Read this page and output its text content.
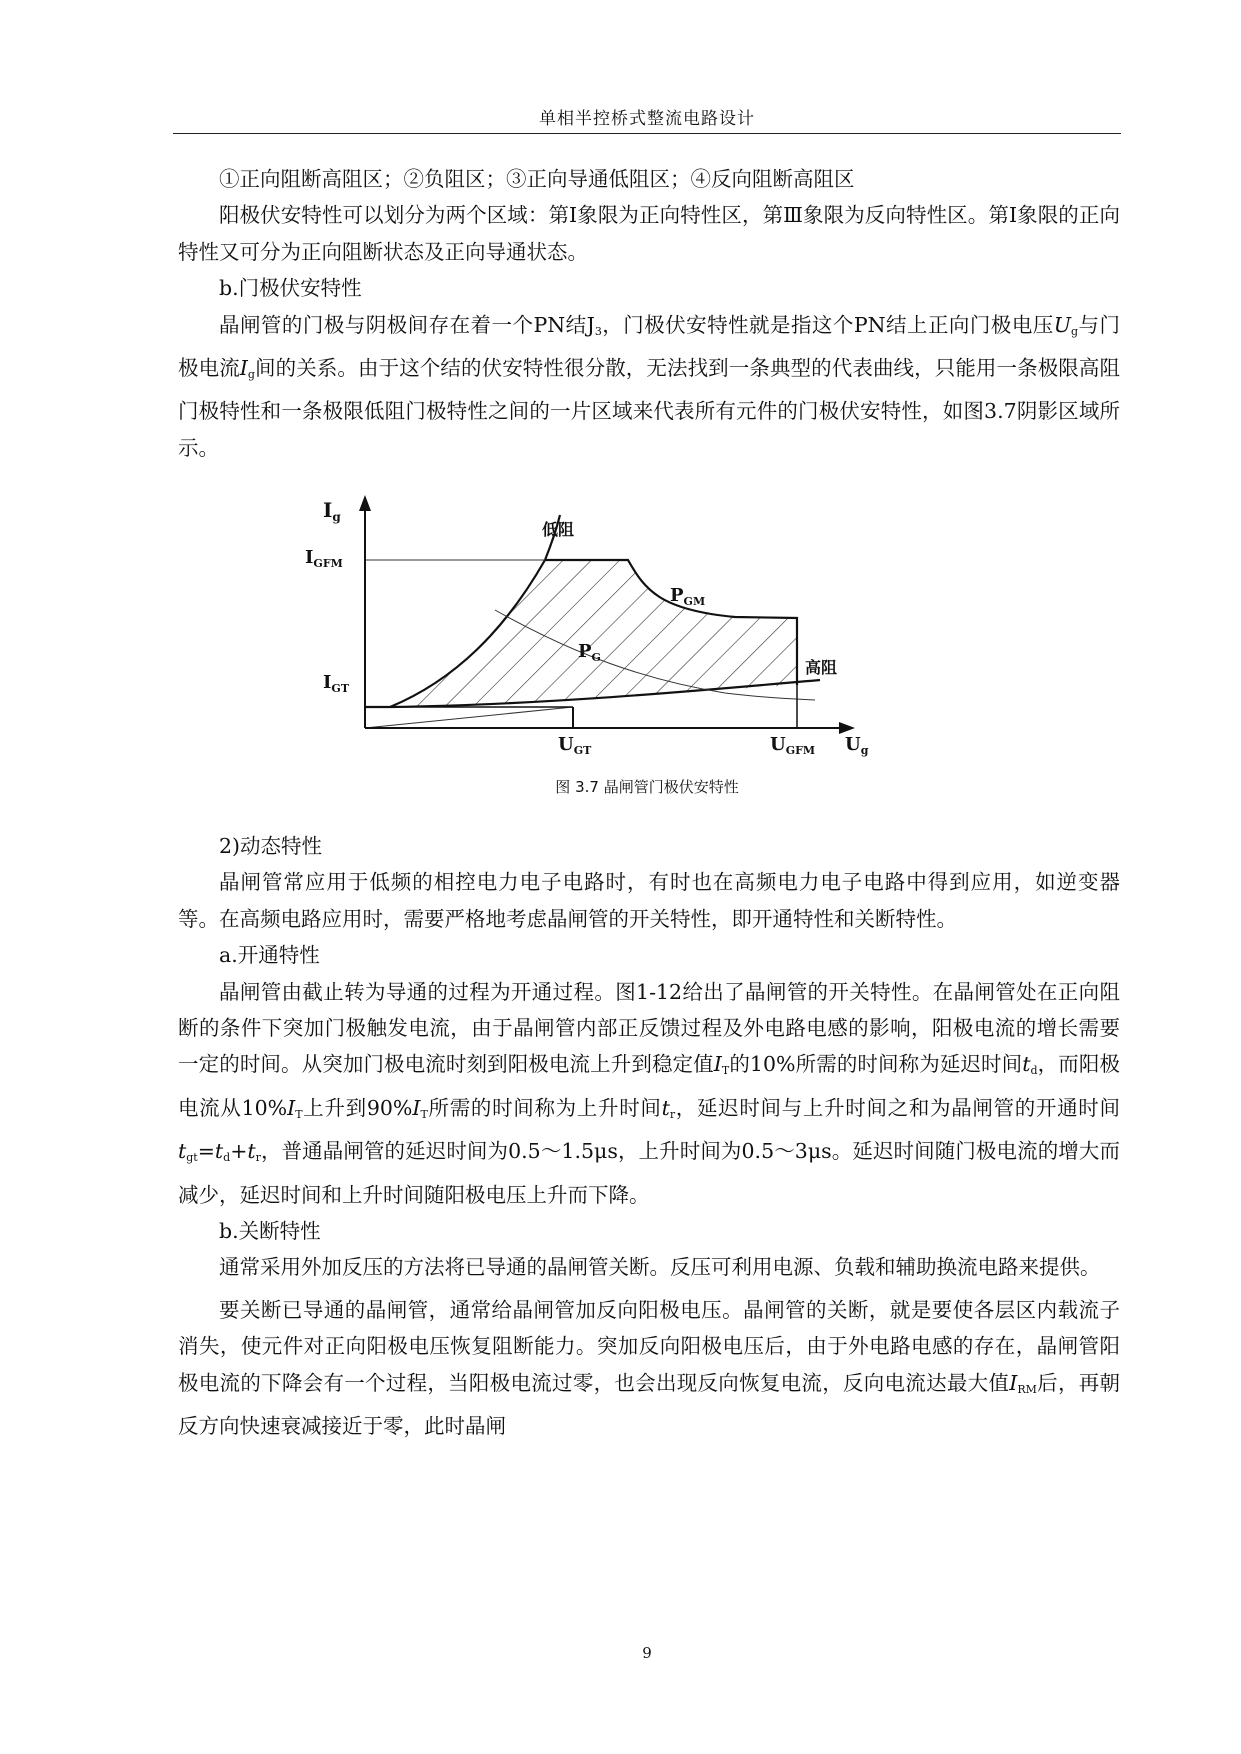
单相半控桥式整流电路设计

①正向阻断高阻区；②负阻区；③正向导通低阻区；④反向阻断高阻区

阳极伏安特性可以划分为两个区域：第Ⅰ象限为正向特性区，第Ⅲ象限为反向特性区。第Ⅰ象限的正向特性又可分为正向阻断状态及正向导通状态。

b.门极伏安特性

晶闸管的门极与阴极间存在着一个PN结$J_3$，门极伏安特性就是指这个PN结上正向门极电压$U_g$与门极电流$I_g$间的关系。由于这个结的伏安特性很分散，无法找到一条典型的代表曲线，只能用一条极限高阻门极特性和一条极限低阻门极特性之间的一片区域来代表所有元件的门极伏安特性，如图3.7阴影区域所示。

$I_g$
$I_{GFM}$
$I_{GT}$
低阻
$P_{GM}$
$P_G$
高阻
$U_{GT}$	$U_{GFM}$ $U_g$
图 3.7 晶闸管门极伏安特性

2)动态特性

晶闸管常应用于低频的相控电力电子电路时，有时也在高频电力电子电路中得到应用，如逆变器等。在高频电路应用时，需要严格地考虑晶闸管的开关特性，即开通特性和关断特性。

a.开通特性

晶闸管由截止转为导通的过程为开通过程。图1-12给出了晶闸管的开关特性。在晶闸管处在正向阻断的条件下突加门极触发电流，由于晶闸管内部正反馈过程及外电路电感的影响，阳极电流的增长需要一定的时间。从突加门极电流时刻到阳极电流上升到稳定值$I_T$的10%所需的时间称为延迟时间$t_d$，而阳极电流从$10\%I_T$上升到$90\%I_T$所需的时间称为上升时间$t_r$，延迟时间与上升时间之和为晶闸管的开通时间$t_{gt}=t_d+t_r$，普通晶闸管的延迟时间为0.5～1.5μs，上升时间为0.5～3μs。延迟时间随门极电流的增大而减少，延迟时间和上升时间随阳极电压上升而下降。

b.关断特性

通常采用外加反压的方法将已导通的晶闸管关断。反压可利用电源、负载和辅助换流电路来提供。

要关断已导通的晶闸管，通常给晶闸管加反向阳极电压。晶闸管的关断，就是要使各层区内载流子消失，使元件对正向阳极电压恢复阻断能力。突加反向阳极电压后，由于外电路电感的存在，晶闸管阳极电流的下降会有一个过程，当阳极电流过零，也会出现反向恢复电流，反向电流达最大值$I_{RM}$后，再朝反方向快速衰减接近于零，此时晶闸

9
